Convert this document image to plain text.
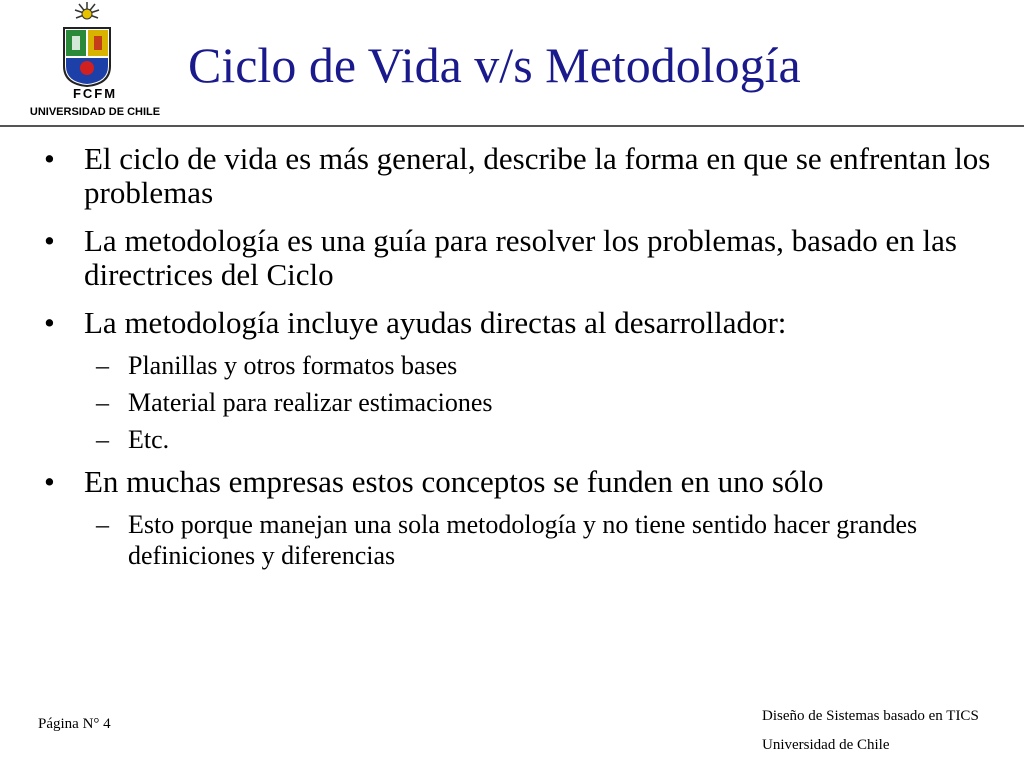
FCFM
UNIVERSIDAD DE CHILE
Ciclo de Vida v/s Metodología
• El ciclo de vida es más general, describe la forma en que se enfrentan los problemas
• La metodología es una guía para resolver los problemas, basado en las directrices del Ciclo
• La metodología incluye ayudas directas al desarrollador:
– Planillas y otros formatos bases
– Material para realizar estimaciones
– Etc.
• En muchas empresas estos conceptos se funden en uno sólo
– Esto porque manejan una sola metodología y no tiene sentido hacer grandes definiciones y diferencias
Página N° 4	Diseño de Sistemas basado en TICS
Universidad de Chile
